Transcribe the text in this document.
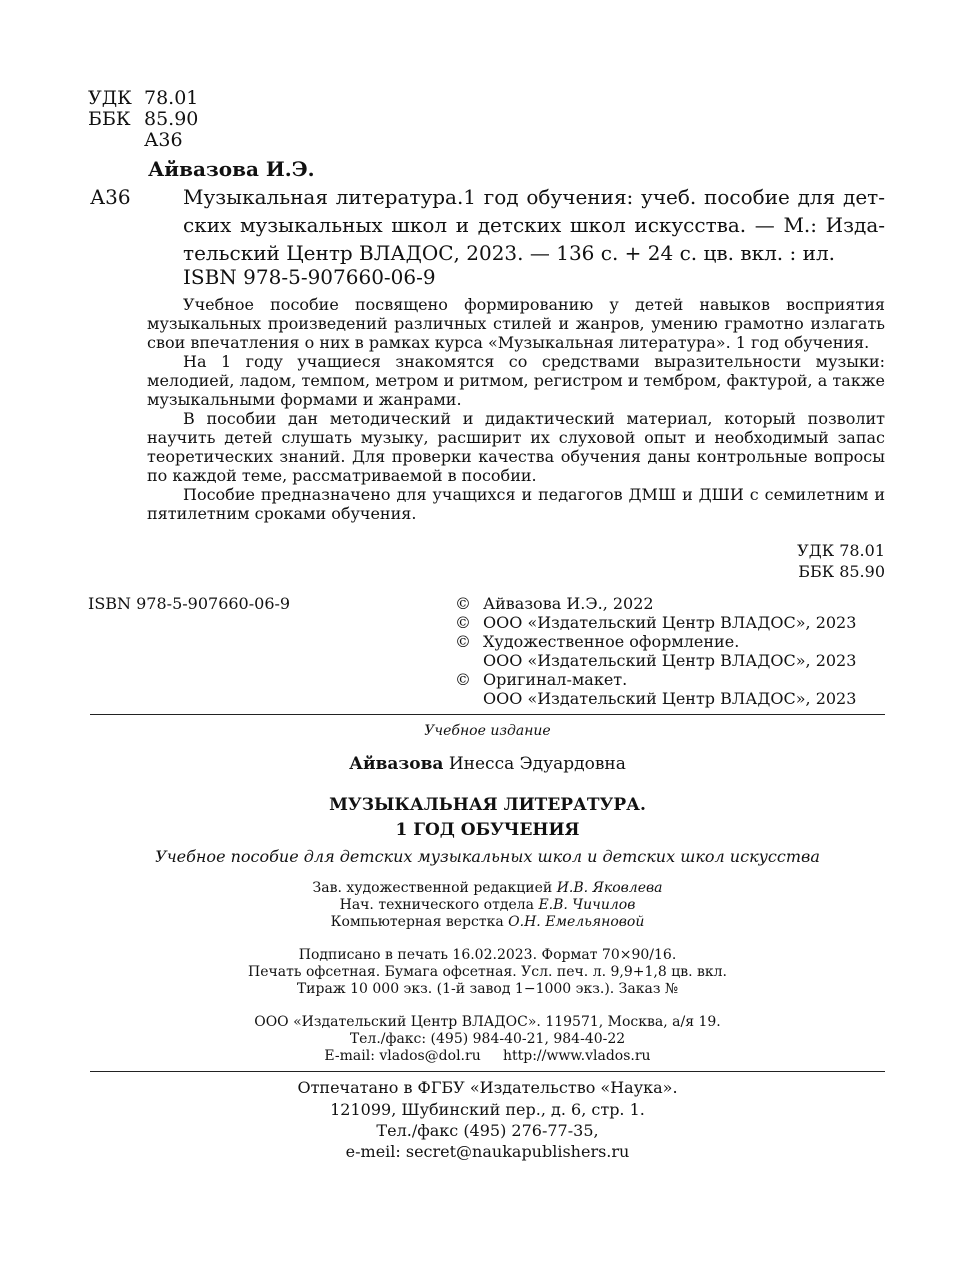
УДК 78.01
ББК 85.90
А36
Айвазова И.Э.
А36	Музыкальная литература.1 год обучения: учеб. пособие для дет-
ских музыкальных школ и детских школ искусства. — М.: Изда-
тельский Центр ВЛАДОС, 2023. — 136 с. + 24 с. цв. вкл. : ил.
ISBN 978-5-907660-06-9

Учебное пособие посвящено формированию у детей навыков восприятия музыкальных произведений различных стилей и жанров, умению грамотно излагать свои впечатления о них в рамках курса «Музыкальная литература». 1 год обучения.

На 1 году учащиеся знакомятся со средствами выразительности музыки: мелодией, ладом, темпом, метром и ритмом, регистром и тембром, фактурой, а также музыкальными формами и жанрами.

В пособии дан методический и дидактический материал, который позволит научить детей слушать музыку, расширит их слуховой опыт и необходимый запас теоретических знаний. Для проверки качества обучения даны контрольные вопросы по каждой теме, рассматриваемой в пособии.

Пособие предназначено для учащихся и педагогов ДМШ и ДШИ с семилетним и пятилетним сроками обучения.

УДК 78.01
ББК 85.90
ISBN 978-5-907660-06-9	© Айвазова И.Э., 2022
© ООО «Издательский Центр ВЛАДОС», 2023
© Художественное оформление.
ООО «Издательский Центр ВЛАДОС», 2023
© Оригинал-макет.
ООО «Издательский Центр ВЛАДОС», 2023
Учебное издание
Айвазова Инесса Эдуардовна
МУЗЫКАЛЬНАЯ ЛИТЕРАТУРА.
1 ГОД ОБУЧЕНИЯ
Учебное пособие для детских музыкальных школ и детских школ искусства
Зав. художественной редакцией И.В. Яковлева
Нач. технического отдела Е.В. Чичилов
Компьютерная верстка О.Н. Емельяновой
Подписано в печать 16.02.2023. Формат 70×90/16.
Печать офсетная. Бумага офсетная. Усл. печ. л. 9,9+1,8 цв. вкл.
Тираж 10 000 экз. (1-й завод 1−1000 экз.). Заказ №
ООО «Издательский Центр ВЛАДОС». 119571, Москва, а/я 19.
Тел./факс: (495) 984-40-21, 984-40-22
E-mail: vlados@dol.ru     http://www.vlados.ru
Отпечатано в ФГБУ «Издательство «Наука».
121099, Шубинский пер., д. 6, стр. 1.
Тел./факс (495) 276-77-35,
e-meil: secret@naukapublishers.ru
